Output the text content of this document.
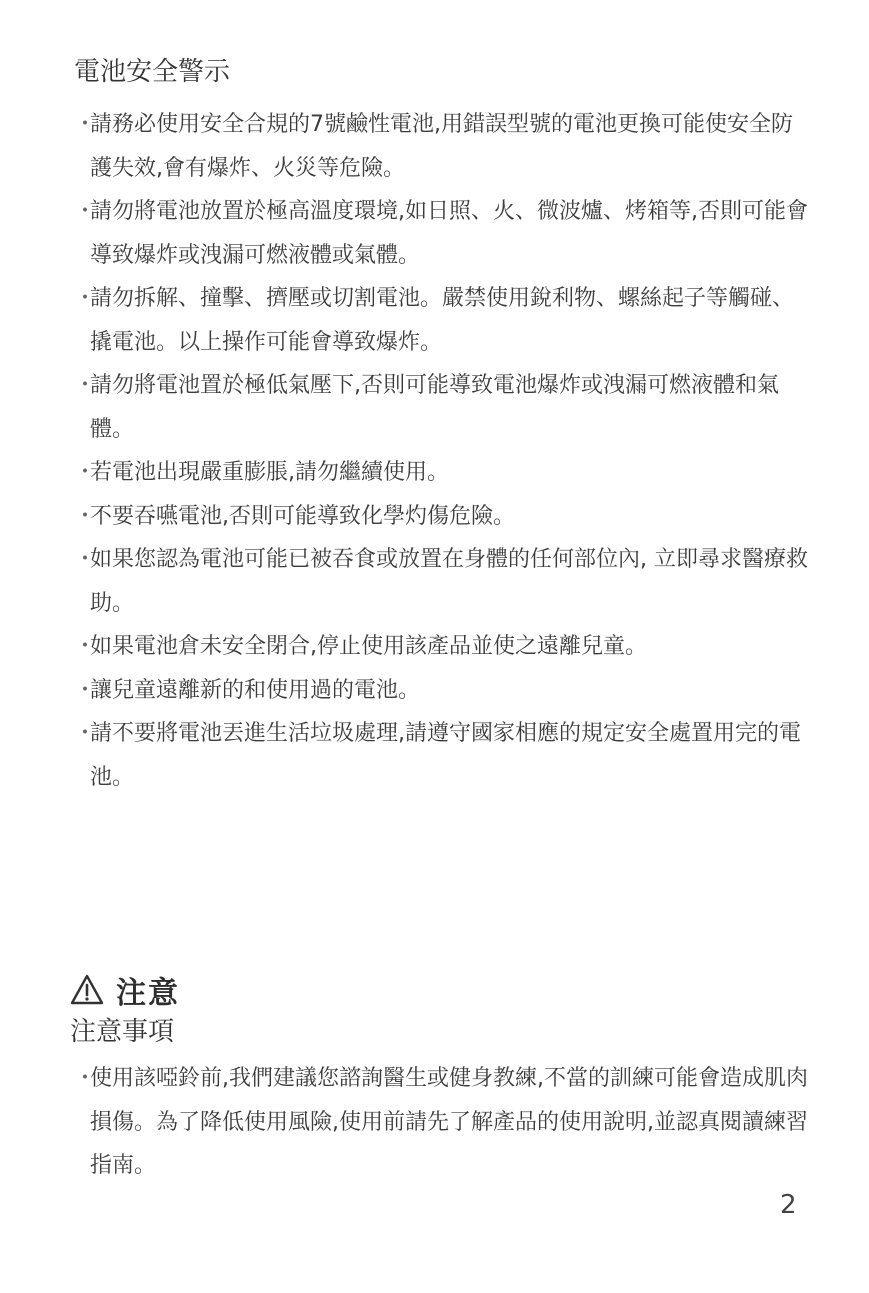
電池安全警示
・
請務必使用安全合規的7號鹼性電池,用錯誤型號的電池更換可能使安全防護失效,會有爆炸、火災等危險。
・
請勿將電池放置於極高溫度環境,如日照、火、微波爐、烤箱等,否則可能會導致爆炸或洩漏可燃液體或氣體。
・
請勿拆解、撞擊、擠壓或切割電池。嚴禁使用銳利物、螺絲起子等觸碰、撬電池。以上操作可能會導致爆炸。
・
請勿將電池置於極低氣壓下,否則可能導致電池爆炸或洩漏可燃液體和氣體。
・
若電池出現嚴重膨脹,請勿繼續使用。
・
不要吞嚥電池,否則可能導致化學灼傷危險。
・
如果您認為電池可能已被吞食或放置在身體的任何部位內, 立即尋求醫療救助。
・
如果電池倉未安全閉合,停止使用該產品並使之遠離兒童。
・
讓兒童遠離新的和使用過的電池。
・
請不要將電池丟進生活垃圾處理,請遵守國家相應的規定安全處置用完的電池。
注意
注意事項
・
使用該啞鈴前,我們建議您諮詢醫生或健身教練,不當的訓練可能會造成肌肉損傷。為了降低使用風險,使用前請先了解產品的使用說明,並認真閱讀練習指南。
2
